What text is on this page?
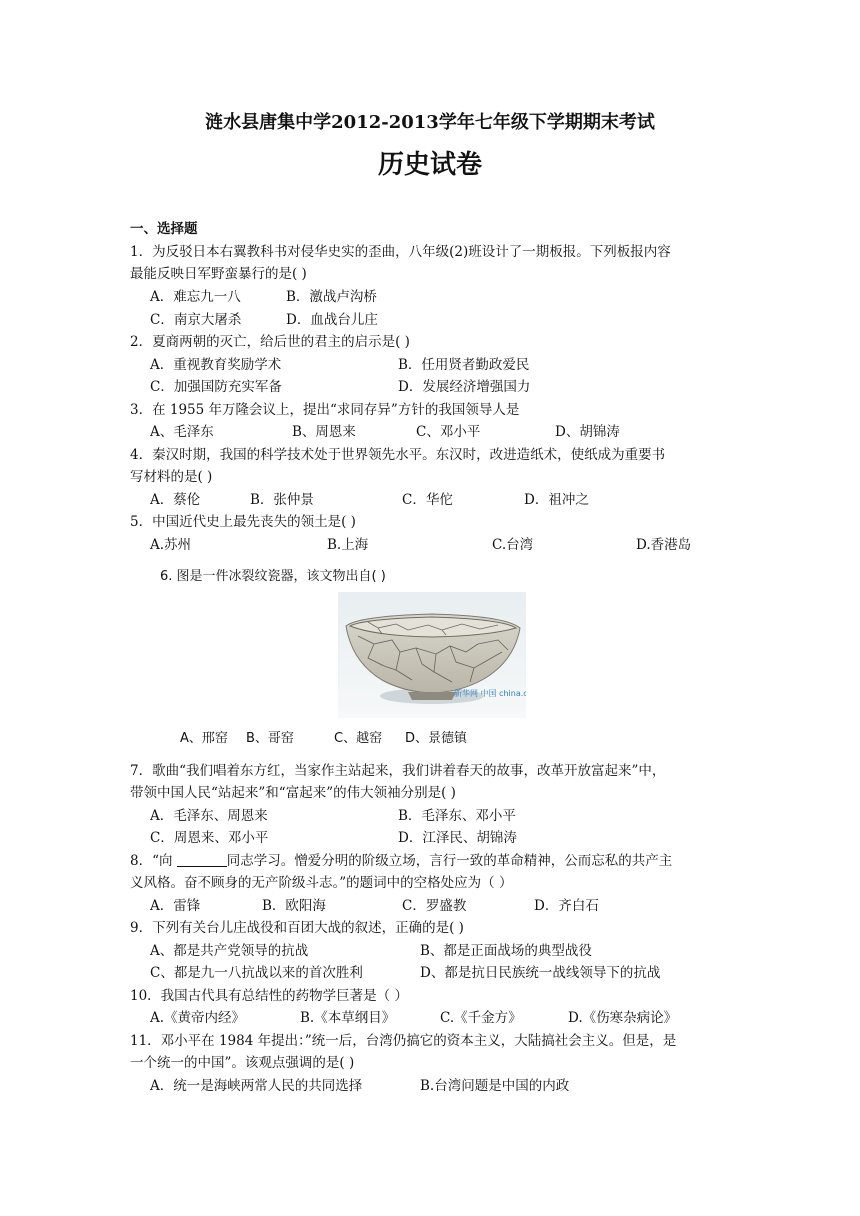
涟水县唐集中学2012-2013学年七年级下学期期末考试
历史试卷
一、选择题
1．为反驳日本右翼教科书对侵华史实的歪曲，八年级(2)班设计了一期板报。下列板报内容
最能反映日军野蛮暴行的是( )
A．难忘九一八	B．激战卢沟桥
C．南京大屠杀	D．血战台儿庄
2．夏商两朝的灭亡，给后世的君主的启示是( )
A．重视教育奖励学术	B．任用贤者勤政爱民
C．加强国防充实军备	D．发展经济增强国力
3．在 1955 年万隆会议上，提出“求同存异”方针的我国领导人是
A、毛泽东	B、周恩来	C、邓小平	D、胡锦涛
4．秦汉时期，我国的科学技术处于世界领先水平。东汉时，改进造纸术，使纸成为重要书
写材料的是( )
A．蔡伦	B．张仲景	C．华佗	D．祖冲之
5．中国近代史上最先丧失的领土是( )
A.苏州	B.上海	C.台湾	D.香港岛
6. 图是一件冰裂纹瓷器，该文物出自( )
新华网 中国 china.cn
A、邢窑 B、哥窑	C、越窑 D、景德镇
7．歌曲“我们唱着东方红，当家作主站起来，我们讲着春天的故事，改革开放富起来”中，
带领中国人民“站起来”和“富起来”的伟大领袖分别是( )
A．毛泽东、周恩来	B．毛泽东、邓小平
C．周恩来、邓小平	D．江泽民、胡锦涛
8．“向	同志学习。憎爱分明的阶级立场，言行一致的革命精神，公而忘私的共产主
义风格。奋不顾身的无产阶级斗志。”的题词中的空格处应为（ ）
A．雷锋	B．欧阳海	C．罗盛教	D．齐白石
9．下列有关台儿庄战役和百团大战的叙述，正确的是( )
A、都是共产党领导的抗战	B、都是正面战场的典型战役
C、都是九一八抗战以来的首次胜利	D、都是抗日民族统一战线领导下的抗战
10．我国古代具有总结性的药物学巨著是（ ）
A.《黄帝内经》	B.《本草纲目》	C.《千金方》	D.《伤寒杂病论》
11．邓小平在 1984 年提出：”统一后，台湾仍搞它的资本主义，大陆搞社会主义。但是，是
一个统一的中国”。该观点强调的是( )
A．统一是海峡两常人民的共同选择	B.台湾问题是中国的内政
